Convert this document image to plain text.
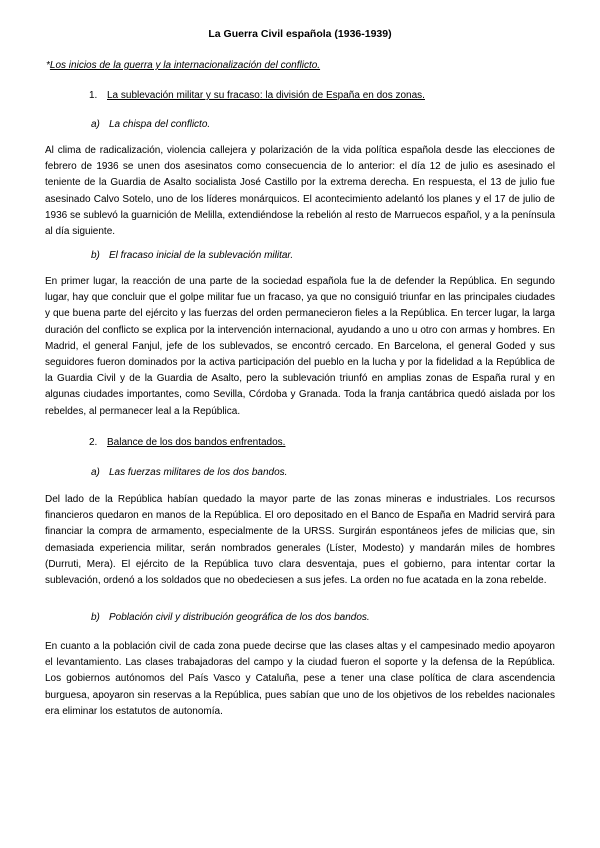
La Guerra Civil española (1936-1939)

*Los inicios de la guerra y la internacionalización del conflicto.

1. La sublevación militar y su fracaso: la división de España en dos zonas.

a) La chispa del conflicto.

Al clima de radicalización, violencia callejera y polarización de la vida política española desde las elecciones de febrero de 1936 se unen dos asesinatos como consecuencia de lo anterior: el día 12 de julio es asesinado el teniente de la Guardia de Asalto socialista José Castillo por la extrema derecha. En respuesta, el 13 de julio fue asesinado Calvo Sotelo, uno de los líderes monárquicos. El acontecimiento adelantó los planes y el 17 de julio de 1936 se sublevó la guarnición de Melilla, extendiéndose la rebelión al resto de Marruecos español, y a la península al día siguiente.

b) El fracaso inicial de la sublevación militar.

En primer lugar, la reacción de una parte de la sociedad española fue la de defender la República. En segundo lugar, hay que concluir que el golpe militar fue un fracaso, ya que no consiguió triunfar en las principales ciudades y que buena parte del ejército y las fuerzas del orden permanecieron fieles a la República. En tercer lugar, la larga duración del conflicto se explica por la intervención internacional, ayudando a uno u otro con armas y hombres. En Madrid, el general Fanjul, jefe de los sublevados, se encontró cercado. En Barcelona, el general Goded y sus seguidores fueron dominados por la activa participación del pueblo en la lucha y por la fidelidad a la República de la Guardia Civil y de la Guardia de Asalto, pero la sublevación triunfó en amplias zonas de España rural y en algunas ciudades importantes, como Sevilla, Córdoba y Granada. Toda la franja cantábrica quedó aislada por los rebeldes, al permanecer leal a la República.

2. Balance de los dos bandos enfrentados.

a) Las fuerzas militares de los dos bandos.

Del lado de la República habían quedado la mayor parte de las zonas mineras e industriales. Los recursos financieros quedaron en manos de la República. El oro depositado en el Banco de España en Madrid servirá para financiar la compra de armamento, especialmente de la URSS. Surgirán espontáneos jefes de milicias que, sin demasiada experiencia militar, serán nombrados generales (Líster, Modesto) y mandarán miles de hombres (Durruti, Mera). El ejército de la República tuvo clara desventaja, pues el gobierno, para intentar cortar la sublevación, ordenó a los soldados que no obedeciesen a sus jefes. La orden no fue acatada en la zona rebelde.

b) Población civil y distribución geográfica de los dos bandos.

En cuanto a la población civil de cada zona puede decirse que las clases altas y el campesinado medio apoyaron el levantamiento. Las clases trabajadoras del campo y la ciudad fueron el soporte y la defensa de la República. Los gobiernos autónomos del País Vasco y Cataluña, pese a tener una clase política de clara ascendencia burguesa, apoyaron sin reservas a la República, pues sabían que uno de los objetivos de los rebeldes nacionales era eliminar los estatutos de autonomía.
